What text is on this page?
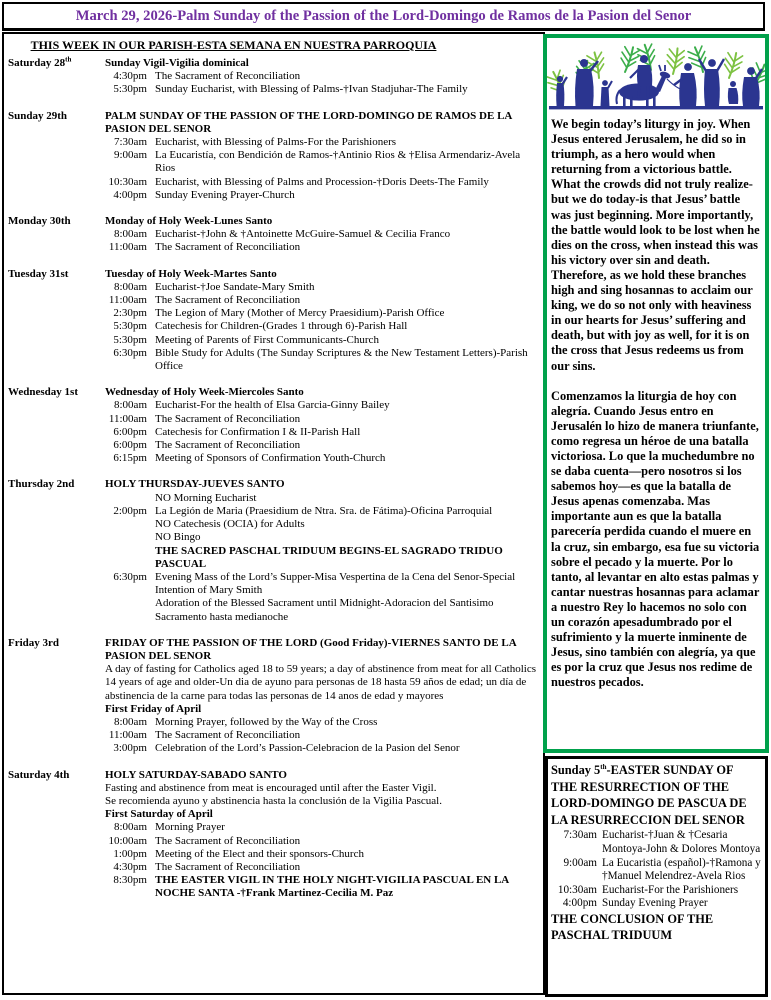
March 29, 2026-Palm Sunday of the Passion of the Lord-Domingo de Ramos de la Pasion del Senor
THIS WEEK IN OUR PARISH-ESTA SEMANA EN NUESTRA PARROQUIA
Saturday 28th	Sunday Vigil-Vigilia dominical
4:30pm The Sacrament of Reconciliation
5:30pm Sunday Eucharist, with Blessing of Palms-†Ivan Stadjuhar-The Family
Sunday 29th	PALM SUNDAY OF THE PASSION OF THE LORD-DOMINGO DE RAMOS DE LA PASION DEL SENOR
7:30am Eucharist, with Blessing of Palms-For the Parishioners
9:00am La Eucaristía, con Bendición de Ramos-†Antinio Rios & †Elisa Armendariz-Avela Rios
10:30am Eucharist, with Blessing of Palms and Procession-†Doris Deets-The Family
4:00pm Sunday Evening Prayer-Church
Monday 30th	Monday of Holy Week-Lunes Santo
8:00am Eucharist-†John & †Antoinette McGuire-Samuel & Cecilia Franco
11:00am The Sacrament of Reconciliation
Tuesday 31st	Tuesday of Holy Week-Martes Santo
8:00am Eucharist-†Joe Sandate-Mary Smith
11:00am The Sacrament of Reconciliation
2:30pm The Legion of Mary (Mother of Mercy Praesidium)-Parish Office
5:30pm Catechesis for Children-(Grades 1 through 6)-Parish Hall
5:30pm Meeting of Parents of First Communicants-Church
6:30pm Bible Study for Adults (The Sunday Scriptures & the New Testament Letters)-Parish Office
Wednesday 1st	Wednesday of Holy Week-Miercoles Santo
8:00am Eucharist-For the health of Elsa Garcia-Ginny Bailey
11:00am The Sacrament of Reconciliation
6:00pm Catechesis for Confirmation I & II-Parish Hall
6:00pm The Sacrament of Reconciliation
6:15pm Meeting of Sponsors of Confirmation Youth-Church
Thursday 2nd	HOLY THURSDAY-JUEVES SANTO
NO Morning Eucharist
2:00pm La Legión de Maria (Praesidium de Ntra. Sra. de Fátima)-Oficina Parroquial
NO Catechesis (OCIA) for Adults
NO Bingo
THE SACRED PASCHAL TRIDUUM BEGINS-EL SAGRADO TRIDUO PASCUAL
6:30pm Evening Mass of the Lord’s Supper-Misa Vespertina de la Cena del Senor-Special Intention of Mary Smith
Adoration of the Blessed Sacrament until Midnight-Adoracion del Santisimo Sacramento hasta medianoche
Friday 3rd	FRIDAY OF THE PASSION OF THE LORD (Good Friday)-VIERNES SANTO DE LA PASION DEL SENOR
A day of fasting for Catholics aged 18 to 59 years; a day of abstinence from meat for all Catholics 14 years of age and older-Un dia de ayuno para personas de 18 hasta 59 años de edad; un día de abstinencia de la carne para todas las personas de 14 anos de edad y mayores
First Friday of April
8:00am Morning Prayer, followed by the Way of the Cross
11:00am The Sacrament of Reconciliation
3:00pm Celebration of the Lord’s Passion-Celebracion de la Pasion del Senor
Saturday 4th	HOLY SATURDAY-SABADO SANTO
Fasting and abstinence from meat is encouraged until after the Easter Vigil.
Se recomienda ayuno y abstinencia hasta la conclusión de la Vigilia Pascual.
First Saturday of April
8:00am Morning Prayer
10:00am The Sacrament of Reconciliation
1:00pm Meeting of the Elect and their sponsors-Church
4:30pm The Sacrament of Reconciliation
8:30pm THE EASTER VIGIL IN THE HOLY NIGHT-VIGILIA PASCUAL EN LA NOCHE SANTA -†Frank Martinez-Cecilia M. Paz
We begin today’s liturgy in joy. When Jesus entered Jerusalem, he did so in triumph, as a hero would when returning from a victorious battle. What the crowds did not truly realize-but we do today-is that Jesus’ battle was just beginning. More importantly, the battle would look to be lost when he dies on the cross, when instead this was his victory over sin and death. Therefore, as we hold these branches high and sing hosannas to acclaim our king, we do so not only with heaviness in our hearts for Jesus’ suffering and death, but with joy as well, for it is on the cross that Jesus redeems us from our sins.
Comenzamos la liturgia de hoy con alegría. Cuando Jesus entro en Jerusalén lo hizo de manera triunfante, como regresa un héroe de una batalla victoriosa. Lo que la muchedumbre no se daba cuenta—pero nosotros si los sabemos hoy—es que la batalla de Jesus apenas comenzaba. Mas importante aun es que la batalla parecería perdida cuando el muere en la cruz, sin embargo, esa fue su victoria sobre el pecado y la muerte. Por lo tanto, al levantar en alto estas palmas y cantar nuestras hosannas para aclamar a nuestro Rey lo hacemos no solo con un corazón apesadumbrado por el sufrimiento y la muerte inminente de Jesus, sino también con alegría, ya que es por la cruz que Jesus nos redime de nuestros pecados.
Sunday 5th-EASTER SUNDAY OF THE RESURRECTION OF THE LORD-DOMINGO DE PASCUA DE LA RESURRECCION DEL SENOR
7:30am Eucharist-†Juan & †Cesaria Montoya-John & Dolores Montoya
9:00am La Eucaristia (español)-†Ramona y †Manuel Melendrez-Avela Rios
10:30am Eucharist-For the Parishioners
4:00pm Sunday Evening Prayer
THE CONCLUSION OF THE PASCHAL TRIDUUM
